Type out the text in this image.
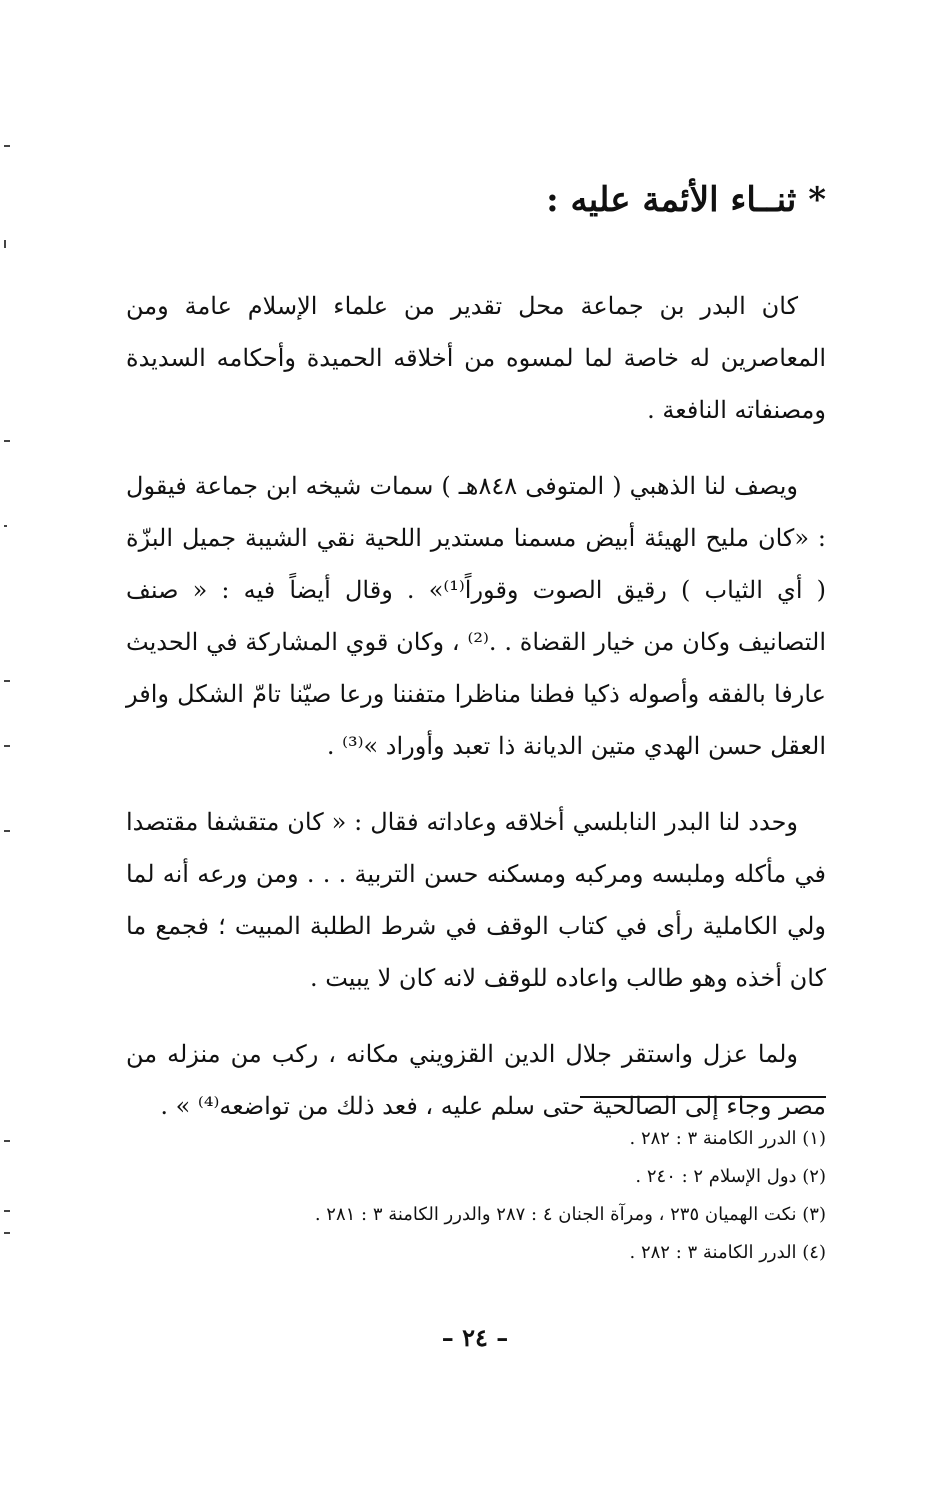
* ثنــاء الأئمة عليه :

كان البدر بن جماعة محل تقدير من علماء الإسلام عامة ومن المعاصرين له خاصة لما لمسوه من أخلاقه الحميدة وأحكامه السديدة ومصنفاته النافعة .

ويصف لنا الذهبي ( المتوفى ٨٤٨هـ ) سمات شيخه ابن جماعة فيقول : «كان مليح الهيئة أبيض مسمنا مستدير اللحية نقي الشيبة جميل البزّة ( أي الثياب ) رقيق الصوت وقوراً⁽¹⁾» . وقال أيضاً فيه : « صنف التصانيف وكان من خيار القضاة . .⁽²⁾ ، وكان قوي المشاركة في الحديث عارفا بالفقه وأصوله ذكيا فطنا مناظرا متفننا ورعا صيّنا تامّ الشكل وافر العقل حسن الهدي متين الديانة ذا تعبد وأوراد »⁽³⁾ .

وحدد لنا البدر النابلسي أخلاقه وعاداته فقال : « كان متقشفا مقتصدا في مأكله وملبسه ومركبه ومسكنه حسن التربية . . . ومن ورعه أنه لما ولي الكاملية رأى في كتاب الوقف في شرط الطلبة المبيت ؛ فجمع ما كان أخذه وهو طالب واعاده للوقف لانه كان لا يبيت .

ولما عزل واستقر جلال الدين القزويني مكانه ، ركب من منزله من مصر وجاء إلى الصالحية حتى سلم عليه ، فعد ذلك من تواضعه⁽⁴⁾ » .

(١) الدرر الكامنة ٣ : ٢٨٢ .

(٢) دول الإسلام ٢ : ٢٤٠ .

(٣) نكت الهميان ٢٣٥ ، ومرآة الجنان ٤ : ٢٨٧ والدرر الكامنة ٣ : ٢٨١ .

(٤) الدرر الكامنة ٣ : ٢٨٢ .

– ٢٤ –
